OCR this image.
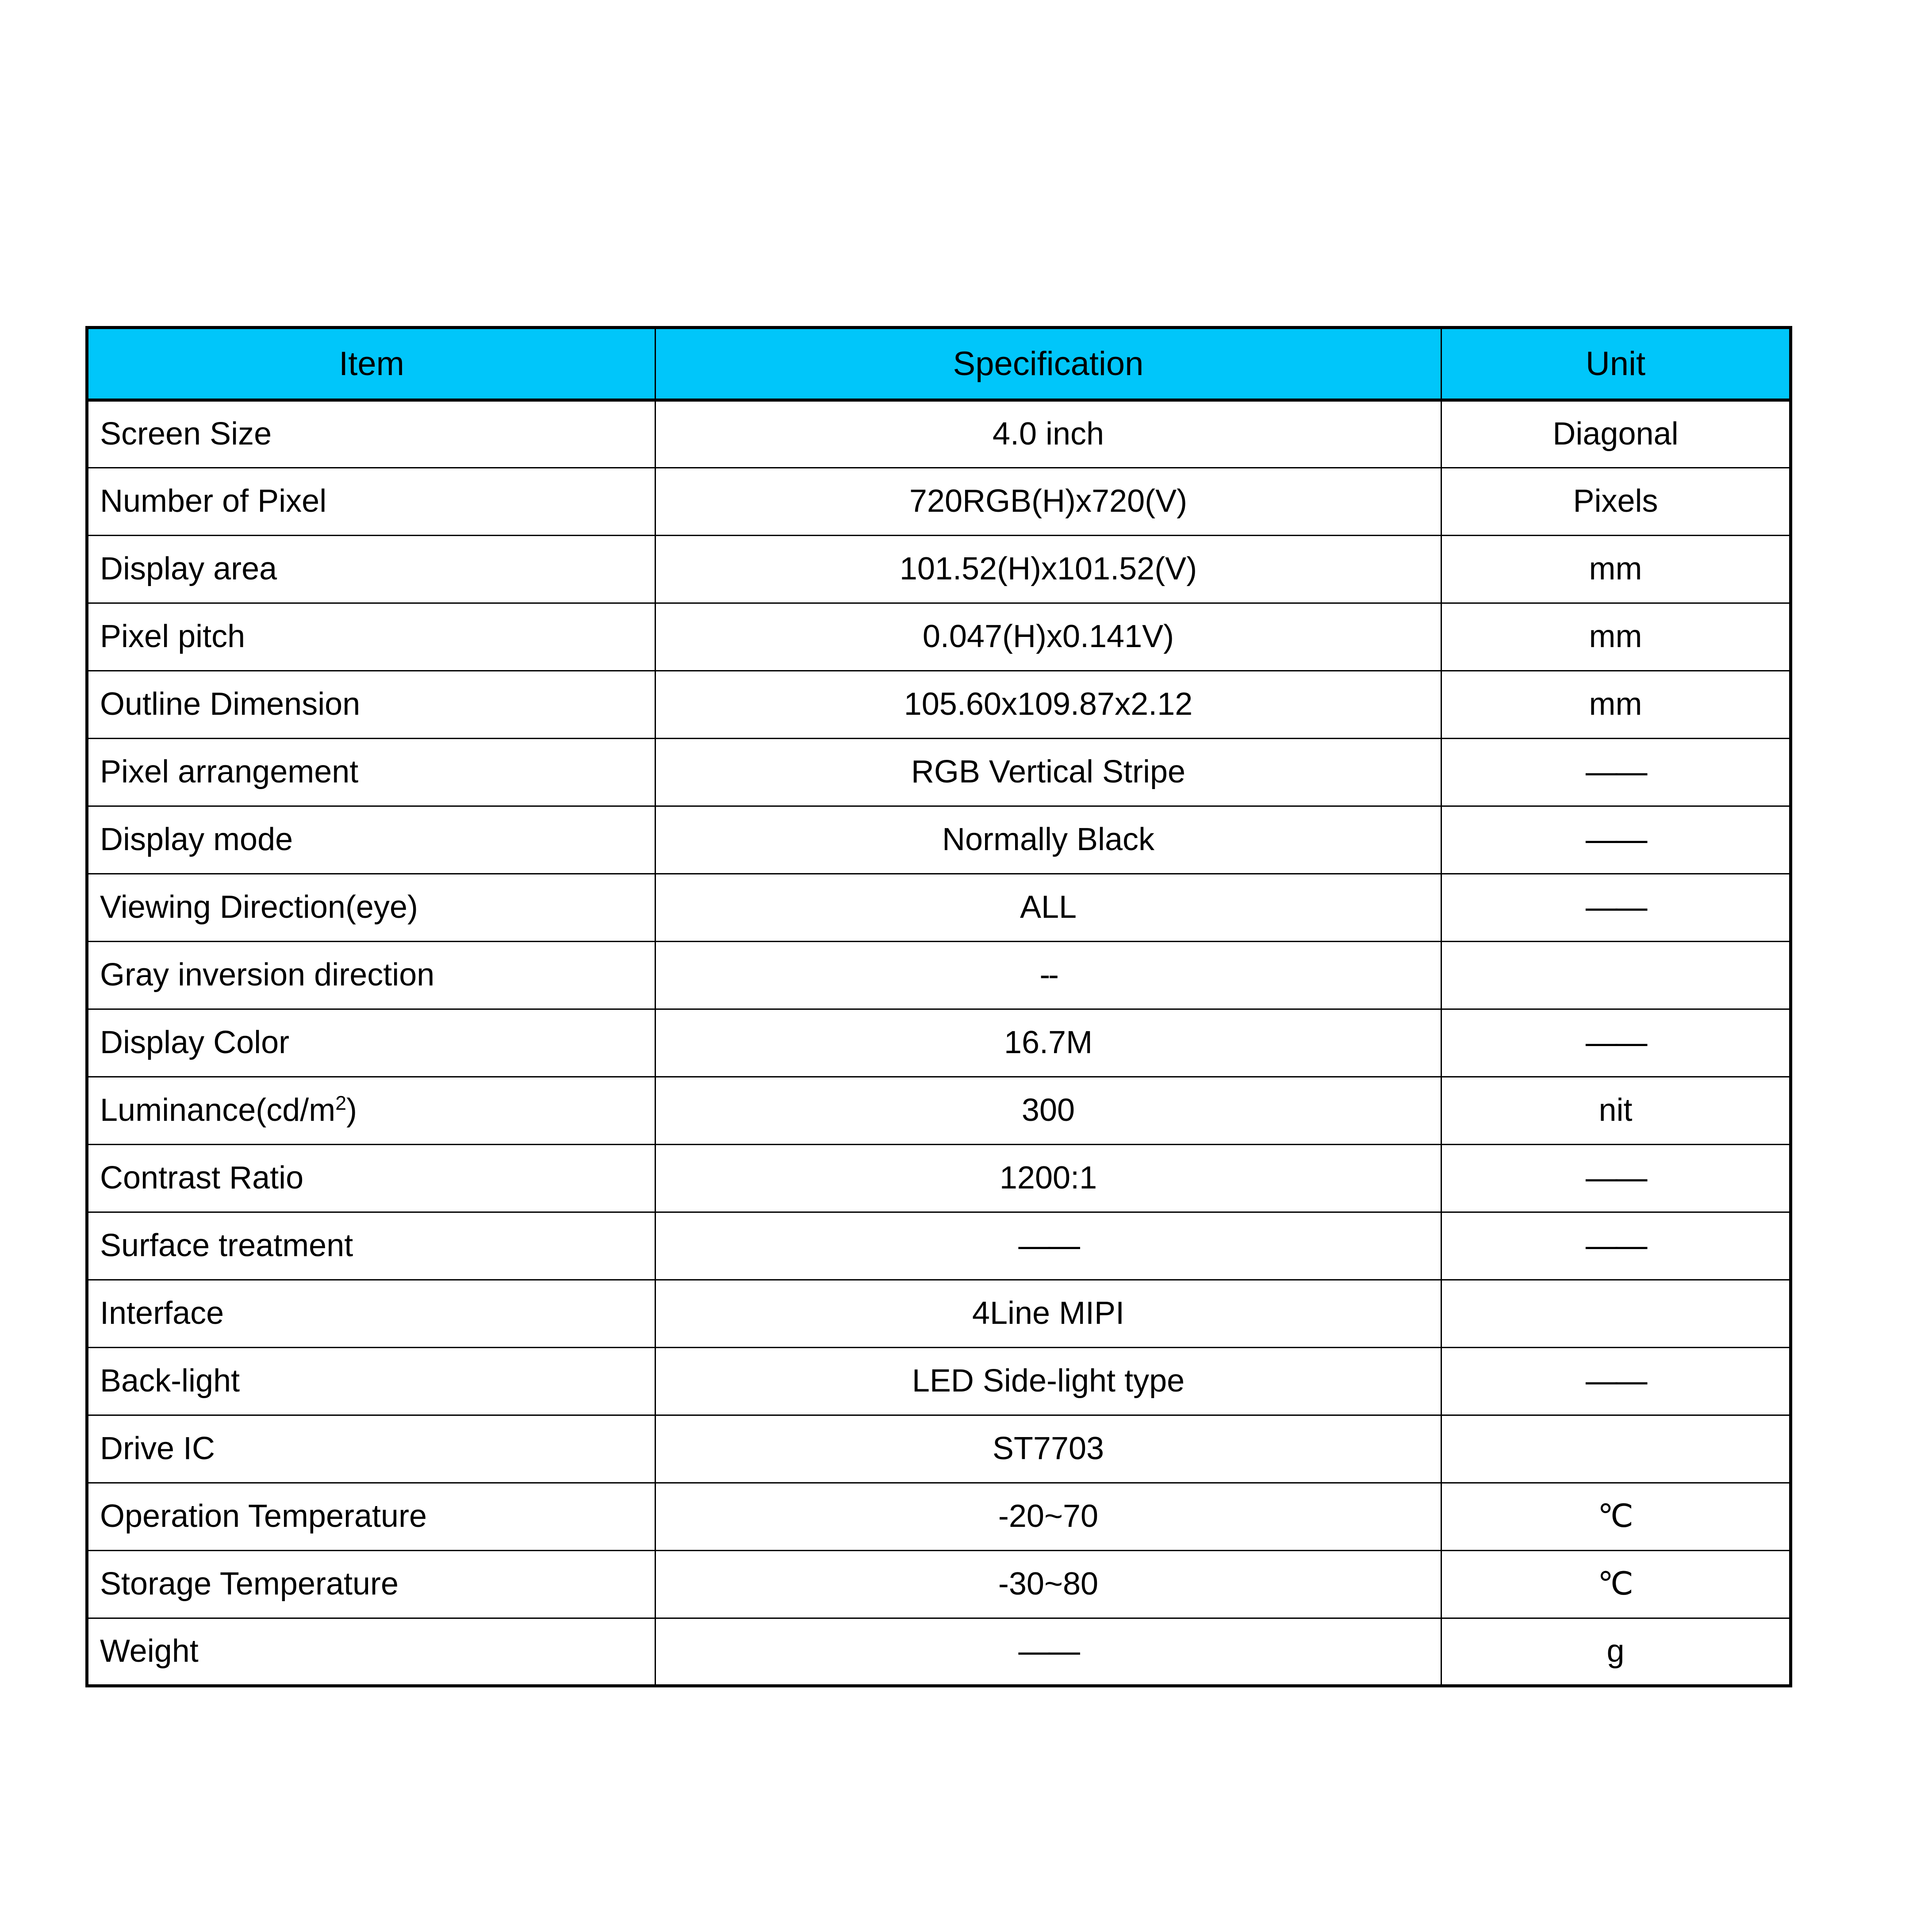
Item	Specification	Unit
Screen Size	4.0 inch	Diagonal
Number of Pixel	720RGB(H)x720(V)	Pixels
Display area	101.52(H)x101.52(V)	mm
Pixel pitch	0.047(H)x0.141V)	mm
Outline Dimension	105.60x109.87x2.12	mm
Pixel arrangement	RGB Vertical Stripe	——
Display mode	Normally Black	——
Viewing Direction(eye)	ALL	——
Gray inversion direction	--	
Display Color	16.7M	——
$Luminance(cd/m^2)$	300	nit
Contrast Ratio	1200:1	——
Surface treatment	——	——
Interface	4Line MIPI	
Back-light	LED Side-light type	——
Drive IC	ST7703	
Operation Temperature	-20~70	℃
Storage Temperature	-30~80	℃
Weight	——	g
